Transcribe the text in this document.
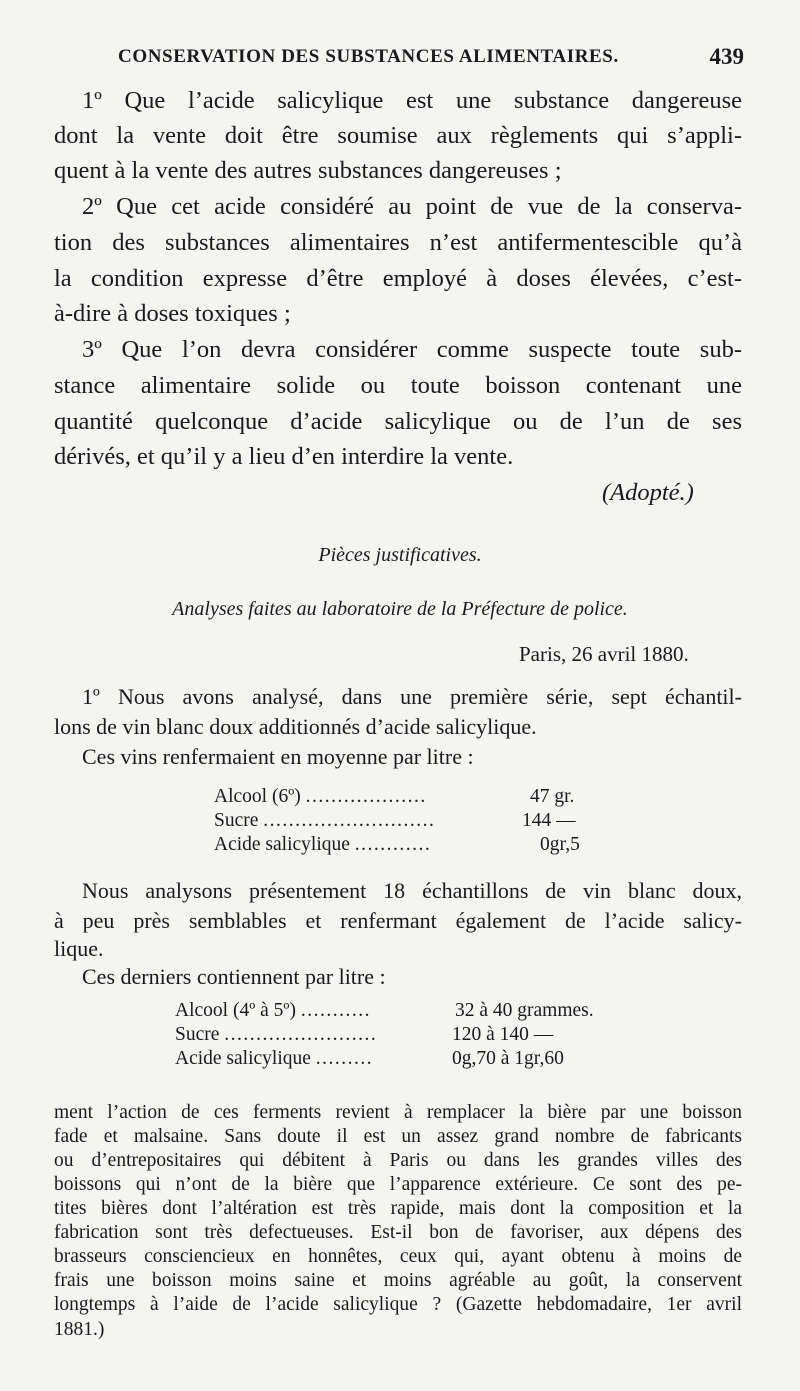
CONSERVATION DES SUBSTANCES ALIMENTAIRES.	439
1º Que l’acide salicylique est une substance dangereuse
dont la vente doit être soumise aux règlements qui s’appli-
quent à la vente des autres substances dangereuses ;
2º Que cet acide considéré au point de vue de la conserva-
tion des substances alimentaires n’est antifermentescible qu’à
la condition expresse d’être employé à doses élevées, c’est-
à-dire à doses toxiques ;
3º Que l’on devra considérer comme suspecte toute sub-
stance alimentaire solide ou toute boisson contenant une
quantité quelconque d’acide salicylique ou de l’un de ses
dérivés, et qu’il y a lieu d’en interdire la vente.
(Adopté.)
Pièces justificatives.
Analyses faites au laboratoire de la Préfecture de police.
Paris, 26 avril 1880.
1º Nous avons analysé, dans une première série, sept échantil-
lons de vin blanc doux additionnés d’acide salicylique.
Ces vins renfermaient en moyenne par litre :
Alcool (6º) ...................	47 gr.
Sucre ...........................	144 —
Acide salicylique ............	0gr,5
Nous analysons présentement 18 échantillons de vin blanc doux,
à peu près semblables et renfermant également de l’acide salicy-
lique.
Ces derniers contiennent par litre :
Alcool (4º à 5º) ...........	32 à 40 grammes.
Sucre ........................	120 à 140 —
Acide salicylique .........	0g,70 à 1gr,60
ment l’action de ces ferments revient à remplacer la bière par une boisson
fade et malsaine. Sans doute il est un assez grand nombre de fabricants
ou d’entrepositaires qui débitent à Paris ou dans les grandes villes des
boissons qui n’ont de la bière que l’apparence extérieure. Ce sont des pe-
tites bières dont l’altération est très rapide, mais dont la composition et la
fabrication sont très defectueuses. Est-il bon de favoriser, aux dépens des
brasseurs consciencieux en honnêtes, ceux qui, ayant obtenu à moins de
frais une boisson moins saine et moins agréable au goût, la conservent
longtemps à l’aide de l’acide salicylique ? (Gazette hebdomadaire, 1er avril
1881.)
